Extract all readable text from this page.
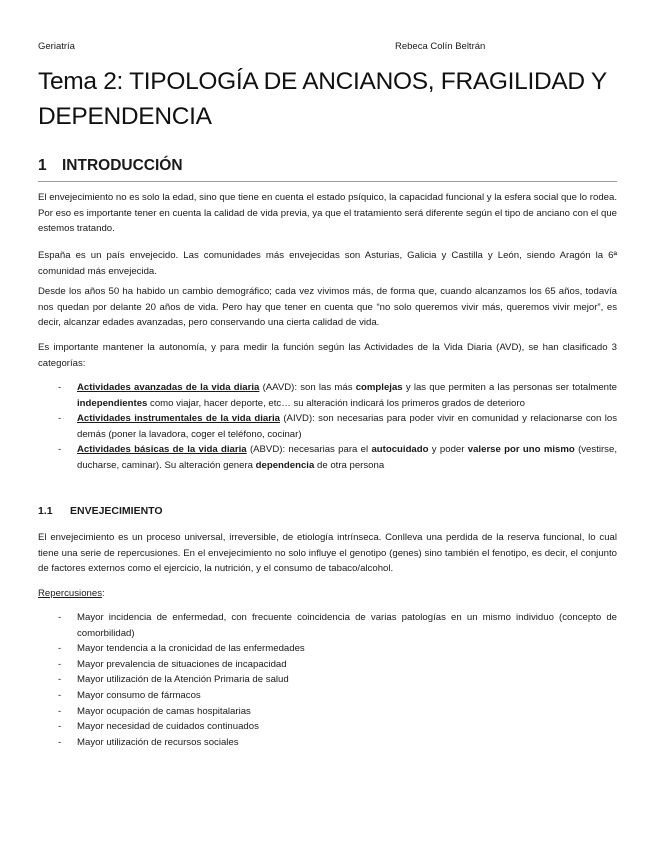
Geriatría	Rebeca Colín Beltrán
Tema 2: TIPOLOGÍA DE ANCIANOS, FRAGILIDAD Y DEPENDENCIA
1 INTRODUCCIÓN

El envejecimiento no es solo la edad, sino que tiene en cuenta el estado psíquico, la capacidad funcional y la esfera social que lo rodea. Por eso es importante tener en cuenta la calidad de vida previa, ya que el tratamiento será diferente según el tipo de anciano con el que estemos tratando.

España es un país envejecido. Las comunidades más envejecidas son Asturias, Galicia y Castilla y León, siendo Aragón la 6ª comunidad más envejecida.

Desde los años 50 ha habido un cambio demográfico; cada vez vivimos más, de forma que, cuando alcanzamos los 65 años, todavía nos quedan por delante 20 años de vida. Pero hay que tener en cuenta que “no solo queremos vivir más, queremos vivir mejor”, es decir, alcanzar edades avanzadas, pero conservando una cierta calidad de vida.

Es importante mantener la autonomía, y para medir la función según las Actividades de la Vida Diaria (AVD), se han clasificado 3 categorías:

- Actividades avanzadas de la vida diaria (AAVD): son las más complejas y las que permiten a las personas ser totalmente independientes como viajar, hacer deporte, etc… su alteración indicará los primeros grados de deterioro
- Actividades instrumentales de la vida diaria (AIVD): son necesarias para poder vivir en comunidad y relacionarse con los demás (poner la lavadora, coger el teléfono, cocinar)
- Actividades básicas de la vida diaria (ABVD): necesarias para el autocuidado y poder valerse por uno mismo (vestirse, ducharse, caminar). Su alteración genera dependencia de otra persona
1.1 ENVEJECIMIENTO

El envejecimiento es un proceso universal, irreversible, de etiología intrínseca. Conlleva una perdida de la reserva funcional, lo cual tiene una serie de repercusiones. En el envejecimiento no solo influye el genotipo (genes) sino también el fenotipo, es decir, el conjunto de factores externos como el ejercicio, la nutrición, y el consumo de tabaco/alcohol.

Repercusiones:

- Mayor incidencia de enfermedad, con frecuente coincidencia de varias patologías en un mismo individuo (concepto de comorbilidad)
- Mayor tendencia a la cronicidad de las enfermedades
- Mayor prevalencia de situaciones de incapacidad
- Mayor utilización de la Atención Primaria de salud
- Mayor consumo de fármacos
- Mayor ocupación de camas hospitalarias
- Mayor necesidad de cuidados continuados
- Mayor utilización de recursos sociales
